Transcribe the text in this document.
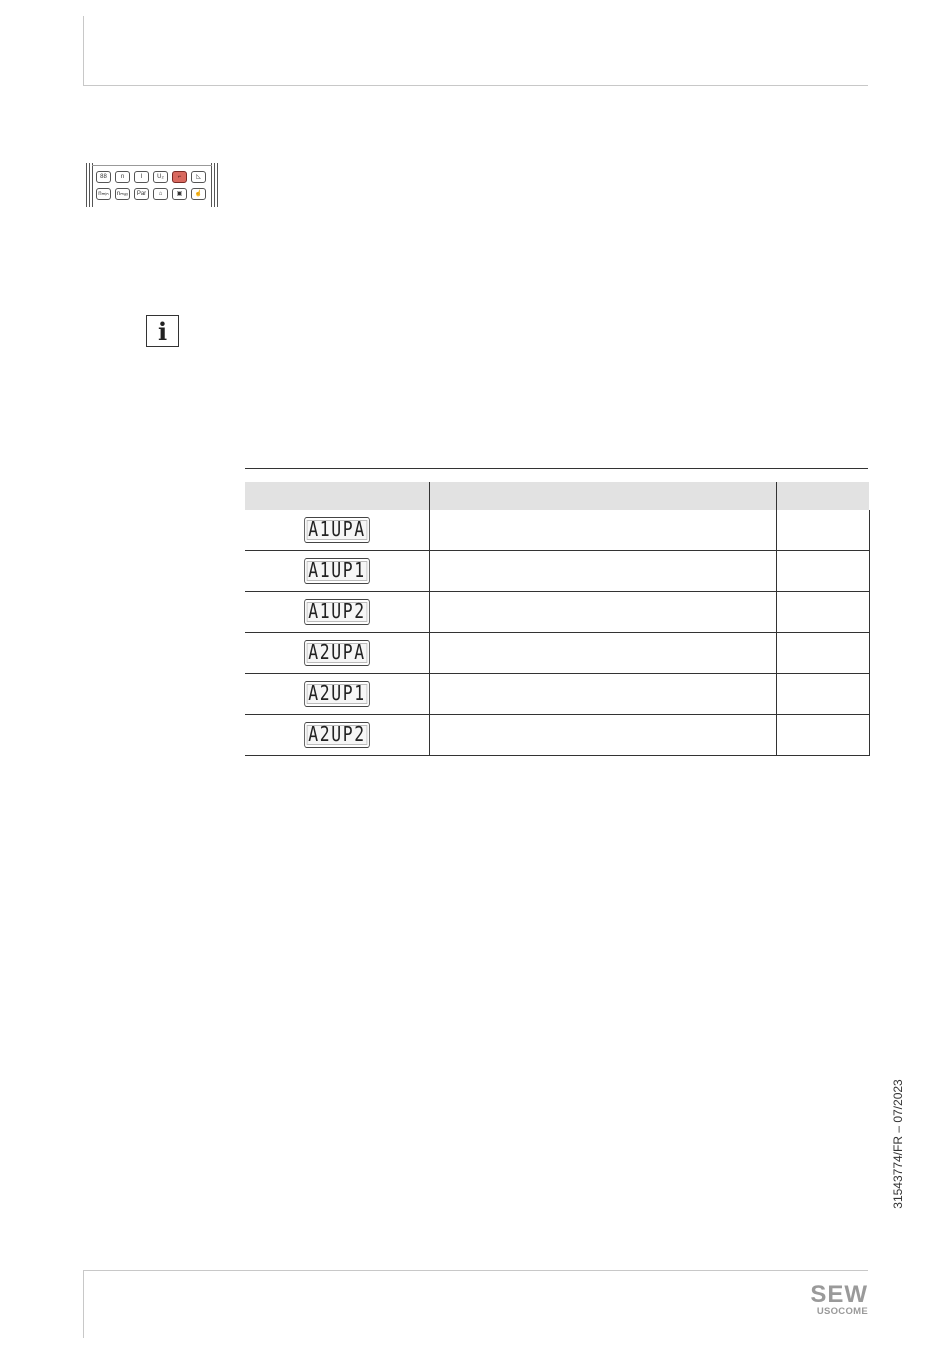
88	n	I	U₂	⌐	◺
nₘᵢₙ	nₘₐₓ	Par	⌂	▣	☝
i

A1UPA		
A1UP1		
A1UP2		
A2UPA		
A2UP1		
A2UP2		
31543774/FR – 07/2023
SEW
USOCOME
